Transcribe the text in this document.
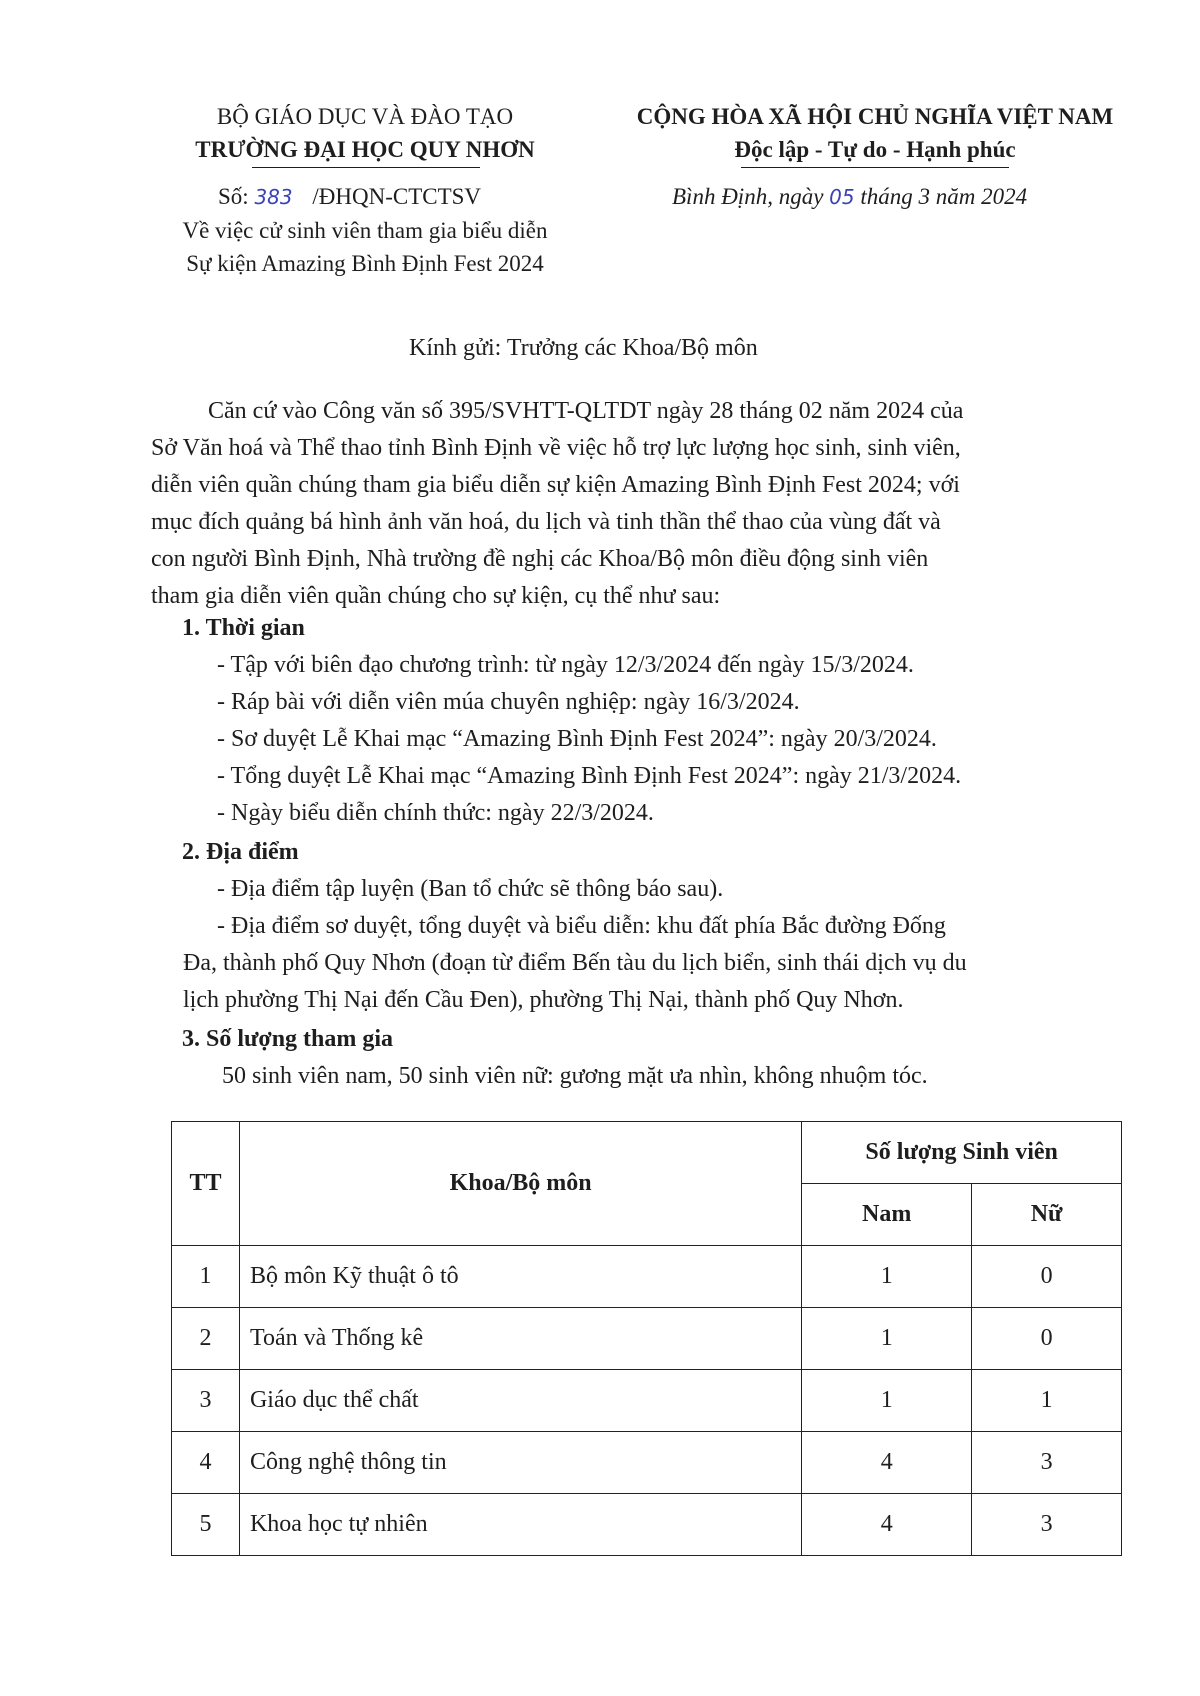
BỘ GIÁO DỤC VÀ ĐÀO TẠO
TRƯỜNG ĐẠI HỌC QUY NHƠN
Số: 383 /ĐHQN-CTCTSV
Về việc cử sinh viên tham gia biểu diễn
Sự kiện Amazing Bình Định Fest 2024
CỘNG HÒA XÃ HỘI CHỦ NGHĨA VIỆT NAM
Độc lập - Tự do - Hạnh phúc
Bình Định, ngày 05 tháng 3 năm 2024
Kính gửi: Trưởng các Khoa/Bộ môn
Căn cứ vào Công văn số 395/SVHTT-QLTDT ngày 28 tháng 02 năm 2024 của
Sở Văn hoá và Thể thao tỉnh Bình Định về việc hỗ trợ lực lượng học sinh, sinh viên,
diễn viên quần chúng tham gia biểu diễn sự kiện Amazing Bình Định Fest 2024; với
mục đích quảng bá hình ảnh văn hoá, du lịch và tinh thần thể thao của vùng đất và
con người Bình Định, Nhà trường đề nghị các Khoa/Bộ môn điều động sinh viên
tham gia diễn viên quần chúng cho sự kiện, cụ thể như sau:
1. Thời gian
- Tập với biên đạo chương trình: từ ngày 12/3/2024 đến ngày 15/3/2024.
- Ráp bài với diễn viên múa chuyên nghiệp: ngày 16/3/2024.
- Sơ duyệt Lễ Khai mạc “Amazing Bình Định Fest 2024”: ngày 20/3/2024.
- Tổng duyệt Lễ Khai mạc “Amazing Bình Định Fest 2024”: ngày 21/3/2024.
- Ngày biểu diễn chính thức: ngày 22/3/2024.
2. Địa điểm
- Địa điểm tập luyện (Ban tổ chức sẽ thông báo sau).
- Địa điểm sơ duyệt, tổng duyệt và biểu diễn: khu đất phía Bắc đường Đống
Đa, thành phố Quy Nhơn (đoạn từ điểm Bến tàu du lịch biển, sinh thái dịch vụ du
lịch phường Thị Nại đến Cầu Đen), phường Thị Nại, thành phố Quy Nhơn.
3. Số lượng tham gia
50 sinh viên nam, 50 sinh viên nữ: gương mặt ưa nhìn, không nhuộm tóc.
TT	Khoa/Bộ môn	Số lượng Sinh viên	
		Nam	Nữ
1	Bộ môn Kỹ thuật ô tô	1	0
2	Toán và Thống kê	1	0
3	Giáo dục thể chất	1	1
4	Công nghệ thông tin	4	3
5	Khoa học tự nhiên	4	3
